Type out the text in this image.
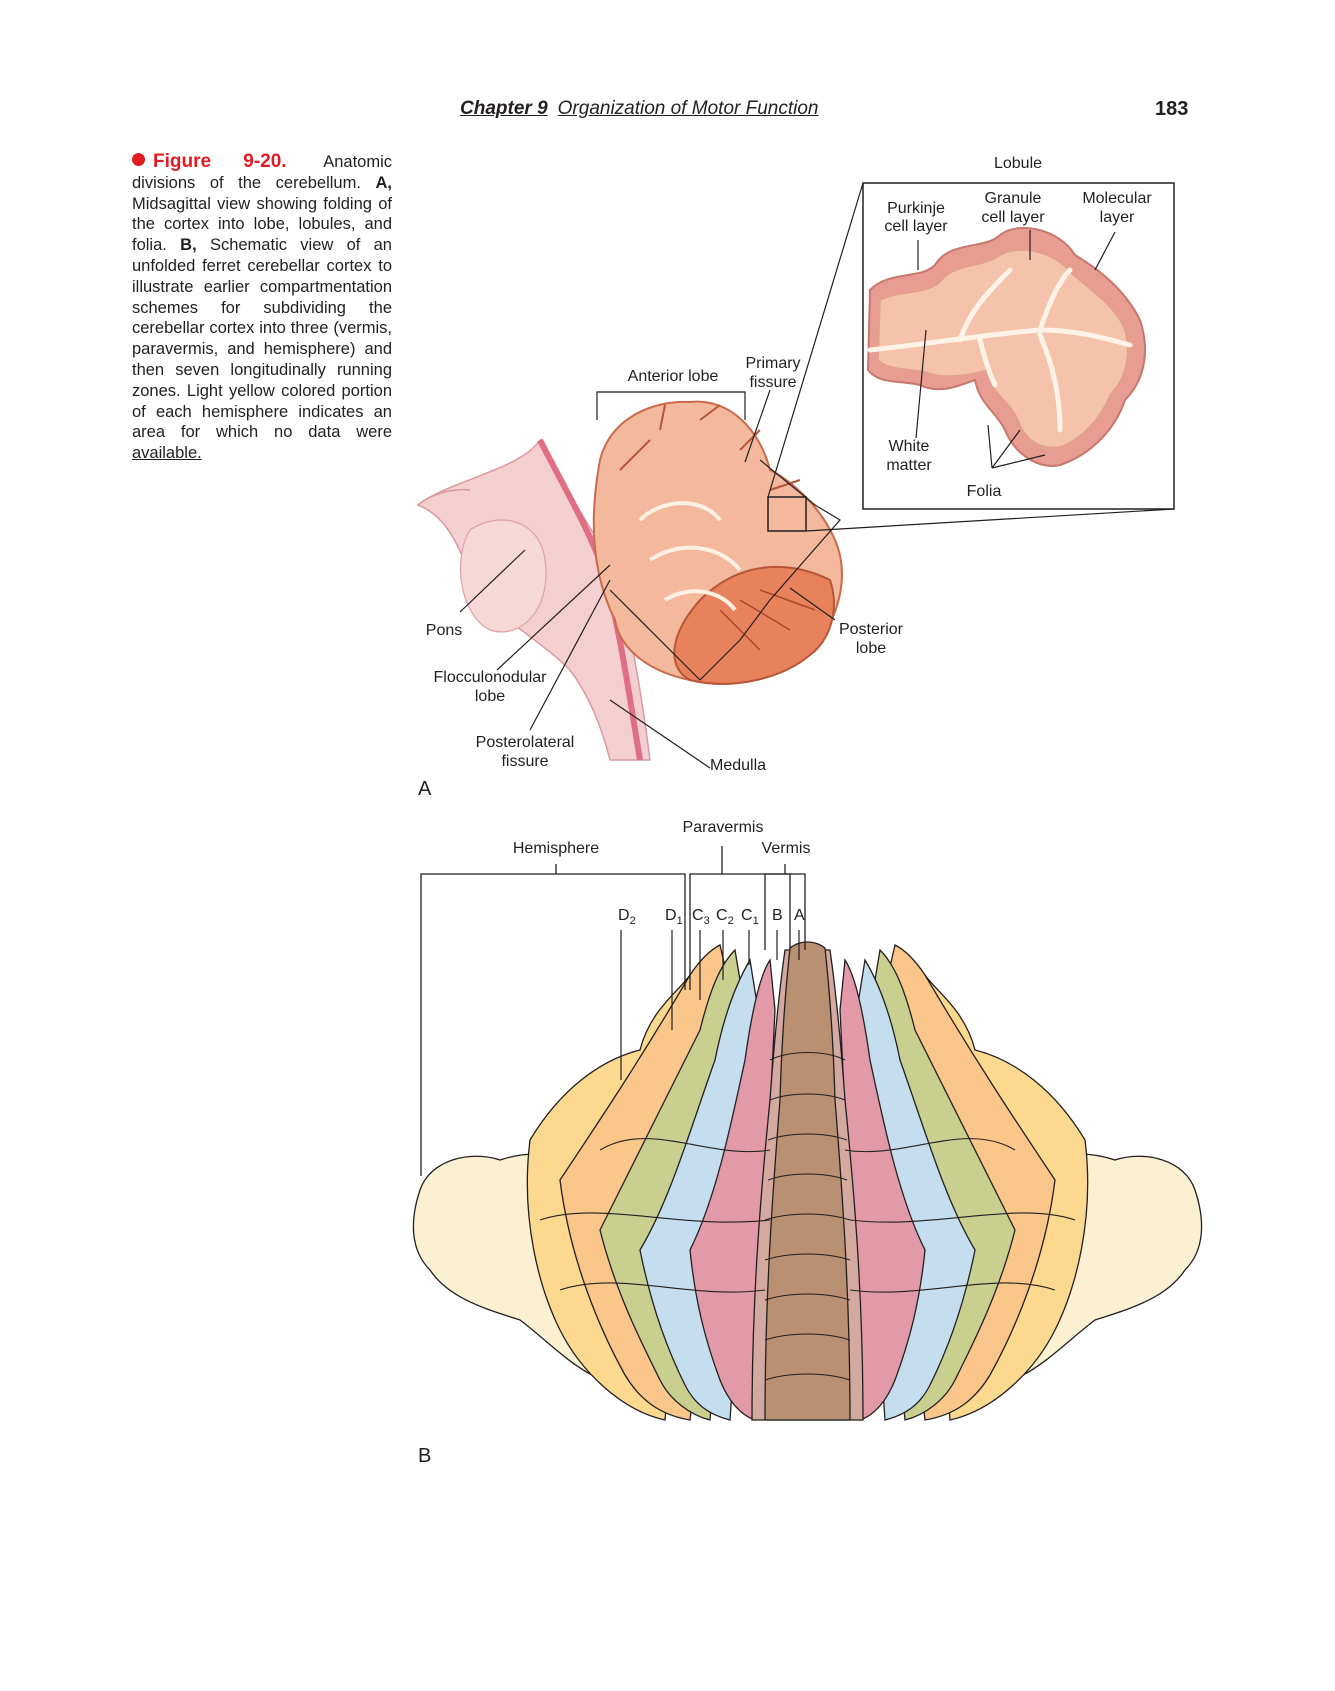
Chapter 9 Organization of Motor Function	183
Figure 9-20. Anatomic divisions of the cerebellum. A, Midsagittal view showing folding of the cortex into lobe, lobules, and folia. B, Schematic view of an unfolded ferret cerebellar cortex to illustrate earlier compartmentation schemes for subdividing the cerebellar cortex into three (vermis, paravermis, and hemisphere) and then seven longitudinally running zones. Light yellow colored portion of each hemisphere indicates an area for which no data were available.
Lobule
Purkinje
cell layer
Granule
cell layer
Molecular
layer
White
matter
Folia
Primary
fissure
Anterior lobe
Pons	Posterior
lobe
Flocculonodular
lobe
Posterolateral
fissure	Medulla
A
Paravermis
Hemisphere	Vermis
$D_2$ $D_1$ $C_3$ $C_2$ $C_1$ B A
B
